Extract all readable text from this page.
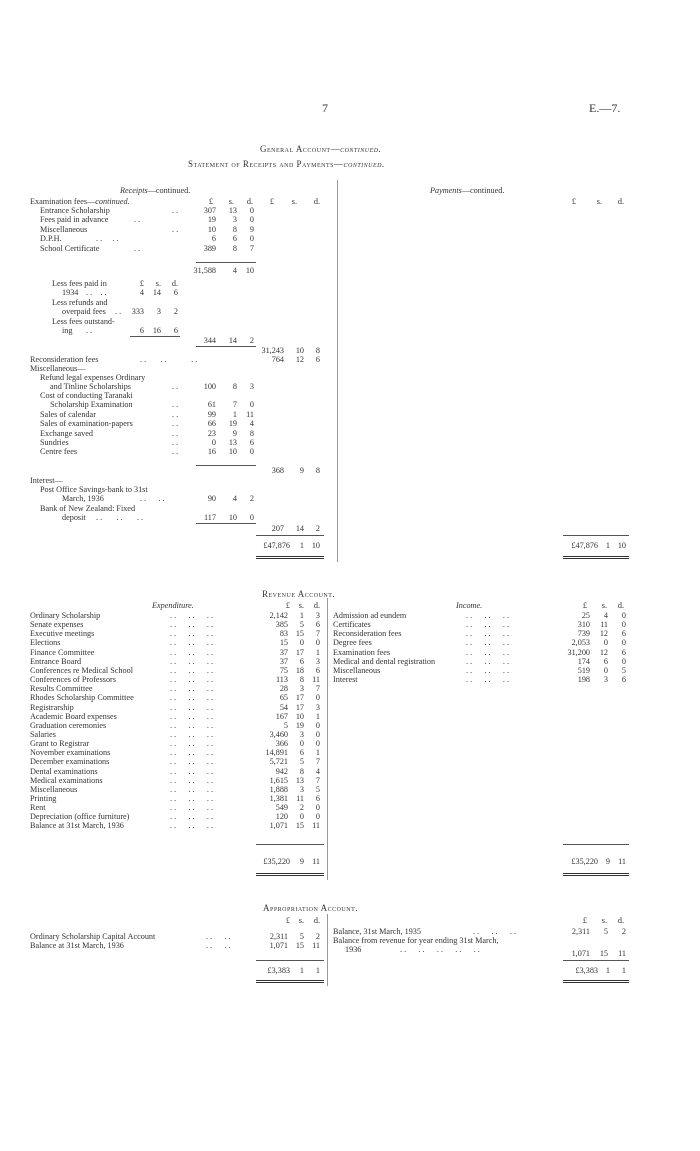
7	E.—7.
General Account—continued.
Statement of Receipts and Payments—continued.
Receipts—continued.	Payments—continued.
£	s.	d.	£	s.	d.	£	s.	d.
Examination fees—continued.
Entrance Scholarship	. .	307	13	0
Fees paid in advance	. .	19	3	0
Miscellaneous	. .	10	8	9
D.P.H.	. .     . .	6	6	0
School Certificate	. .	389	8	7
31,588	4	10
£	s.	d.
Less fees paid in
1934 . .    . .	4	14	6
Less refunds and
overpaid fees . .	333	3	2
Less fees outstand-
ing . .	6	16	6
344	14	2
31,243	10	8
Reconsideration fees	. .       . .            . .	764	12	6
Miscellaneous—
Refund legal expenses Ordinary
and Tinline Scholarships	. .	100	8	3
Cost of conducting Taranaki
Scholarship Examination	. .	61	7	0
Sales of calendar	. .	99	1	11
Sales of examination-papers	. .	66	19	4
Exchange saved	. .	23	9	8
Sundries	. .	0	13	6
Centre fees	. .	16	10	0
368	9	8
Interest—
Post Office Savings-bank to 31st
March, 1936	. .      . .	90	4	2
Bank of New Zealand: Fixed
deposit . .       . .       . .	117	10	0
207	14	2
£47,876	1 10	£47,876 1 10
Revenue Account.
Expenditure.	Income.
£	s.	d.	£	s.	d.
Ordinary Scholarship	. .      . .      . .	2,142	1	3
Senate expenses	. .      . .      . .	385	5	6
Executive meetings	. .      . .      . .	83 15	7
Elections	. .      . .      . .	15	0	0
Finance Committee	. .      . .      . .	37 17	1
Entrance Board	. .      . .      . .	37	6	3
Conferences re Medical School	. .      . .      . .	75 18	6
Conferences of Professors	. .      . .      . .	113	8 11
Results Committee	. .      . .      . .	28	3	7
Rhodes Scholarship Committee	. .      . .      . .	65 17	0
Registrarship	. .      . .      . .	54 17	3
Academic Board expenses	. .      . .      . .	167 10	1
Graduation ceremonies	. .      . .      . .	5 19	0
Salaries	. .      . .      . .	3,460	3	0
Grant to Registrar	. .      . .      . .	366	0	0
November examinations	. .      . .      . .	14,891	6	1
December examinations	. .      . .      . .	5,721	5	7
Dental examinations	. .      . .      . .	942	8	4
Medical examinations	. .      . .      . .	1,615 13	7
Miscellaneous	. .      . .      . .	1,888	3	5
Printing	. .      . .      . .	1,381 11	6
Rent	. .      . .      . .	549	2	0
Depreciation (office furniture)	. .      . .      . .	120	0	0
Balance at 31st March, 1936	. .      . .      . .	1,071 15 11
Admission ad eundem	. .      . .      . .	25	4	0
Certificates	. .      . .      . .	310	11	0
Reconsideration fees	. .      . .      . .	739	12	6
Degree fees	. .      . .      . .	2,053	0	0
Examination fees	. .      . .      . .	31,200	12	6
Medical and dental registration	. .      . .      . .	174	6	0
Miscellaneous	. .      . .      . .	519	0	5
Interest	. .      . .      . .	198	3	6
£35,220	9 11	£35,220 9 11
Appropriation Account.
£	s.	d.	£	s.	d.
Ordinary Scholarship Capital Account	. .      . .	2,311	5	2
Balance at 31st March, 1936	. .      . .	1,071 15 11
Balance, 31st March, 1935	. .      . .      . .	2,311	5	2
Balance from revenue for year ending 31st March,
1936	. .      . .      . .      . .      . .	1,071	15	11
£3,383	1	1	£3,383 1	1
